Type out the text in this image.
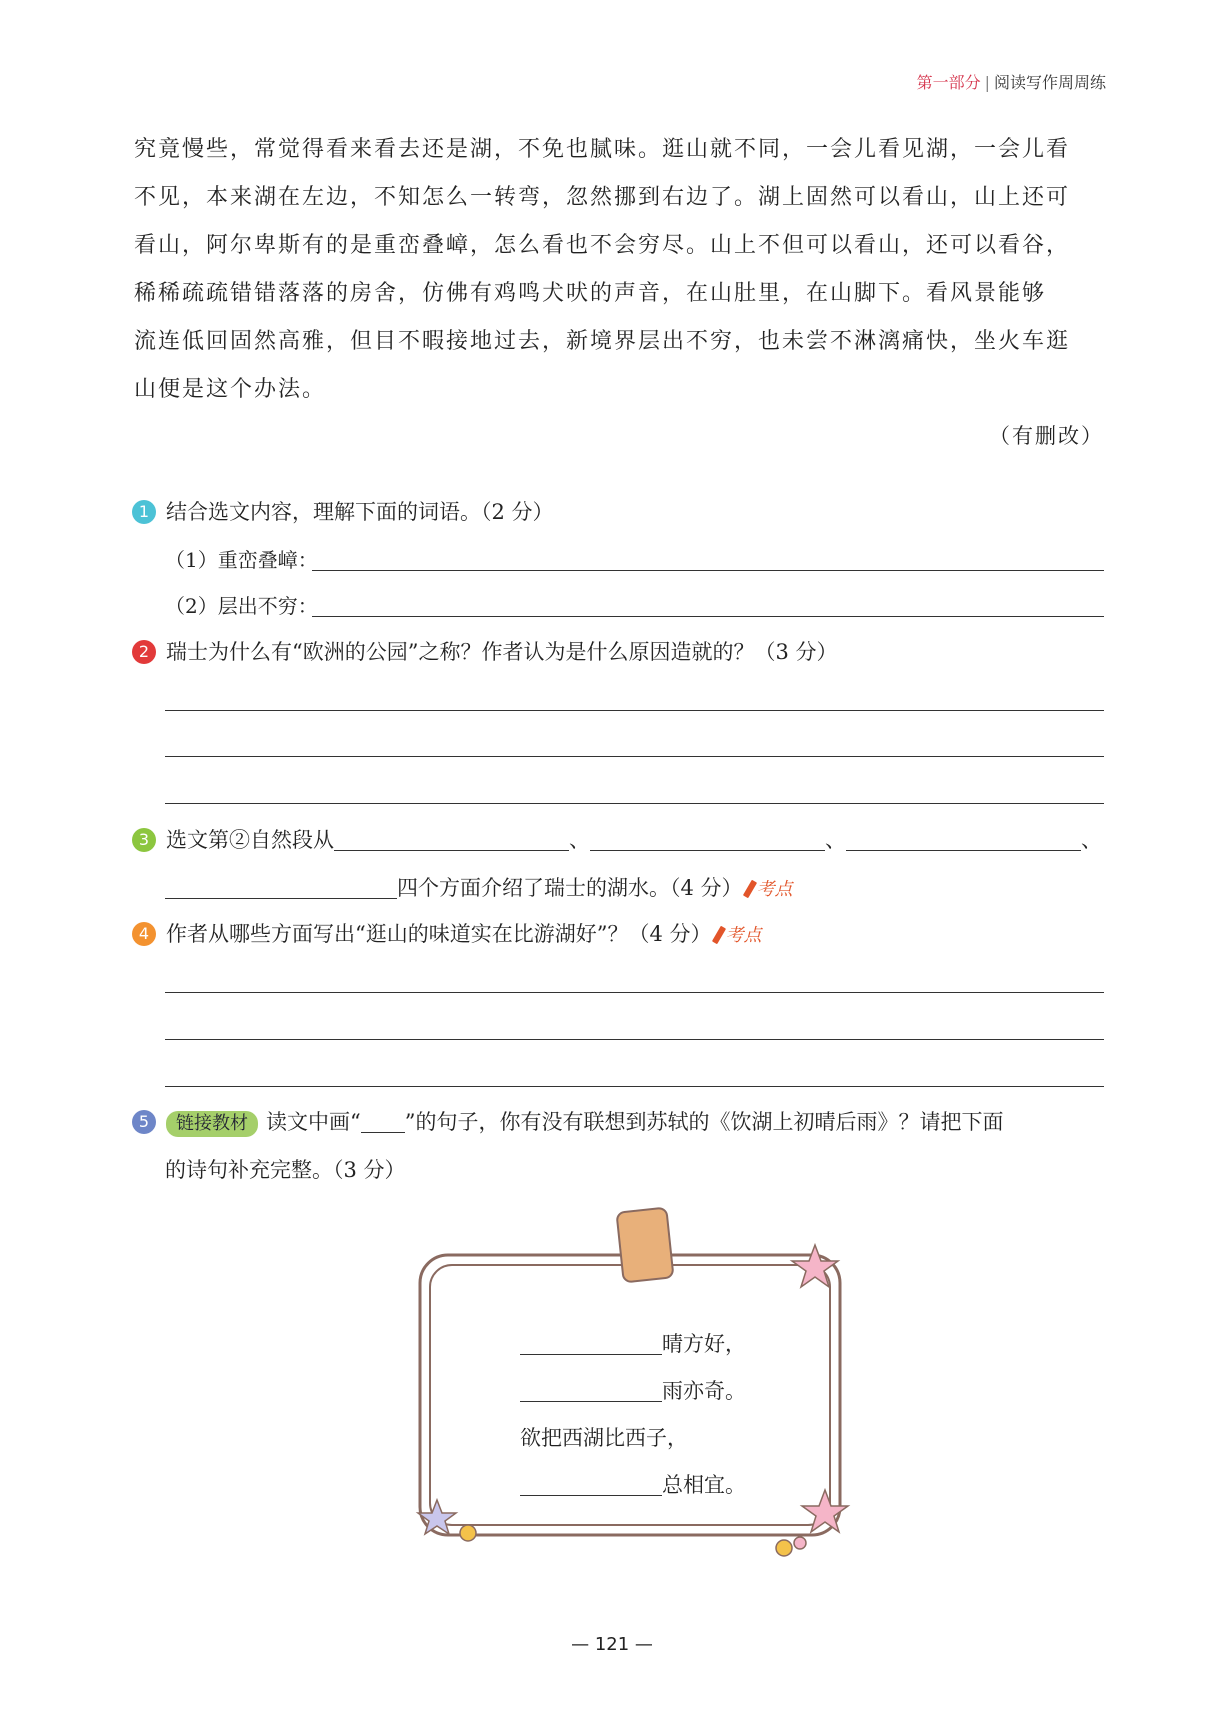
第一部分 | 阅读写作周周练
究竟慢些，常觉得看来看去还是湖，不免也腻味。逛山就不同，一会儿看见湖，一会儿看
不见，本来湖在左边，不知怎么一转弯，忽然挪到右边了。湖上固然可以看山，山上还可
看山，阿尔卑斯有的是重峦叠嶂，怎么看也不会穷尽。山上不但可以看山，还可以看谷，
稀稀疏疏错错落落的房舍，仿佛有鸡鸣犬吠的声音，在山肚里，在山脚下。看风景能够
流连低回固然高雅，但目不暇接地过去，新境界层出不穷，也未尝不淋漓痛快，坐火车逛
山便是这个办法。
（有删改）
1 结合选文内容，理解下面的词语。（2 分）
（1）重峦叠嶂：
（2）层出不穷：
2 瑞士为什么有“欧洲的公园”之称？作者认为是什么原因造就的？（3 分）
3 选文第②自然段从	、	、	、
四个方面介绍了瑞士的湖水。（4 分） 考点
4 作者从哪些方面写出“逛山的味道实在比游湖好”？（4 分） 考点
5 链接教材 读文中画“ ”的句子，你有没有联想到苏轼的《饮湖上初晴后雨》？请把下面
的诗句补充完整。（3 分）
晴方好，
雨亦奇。
欲把西湖比西子，
总相宜。
— 121 —
